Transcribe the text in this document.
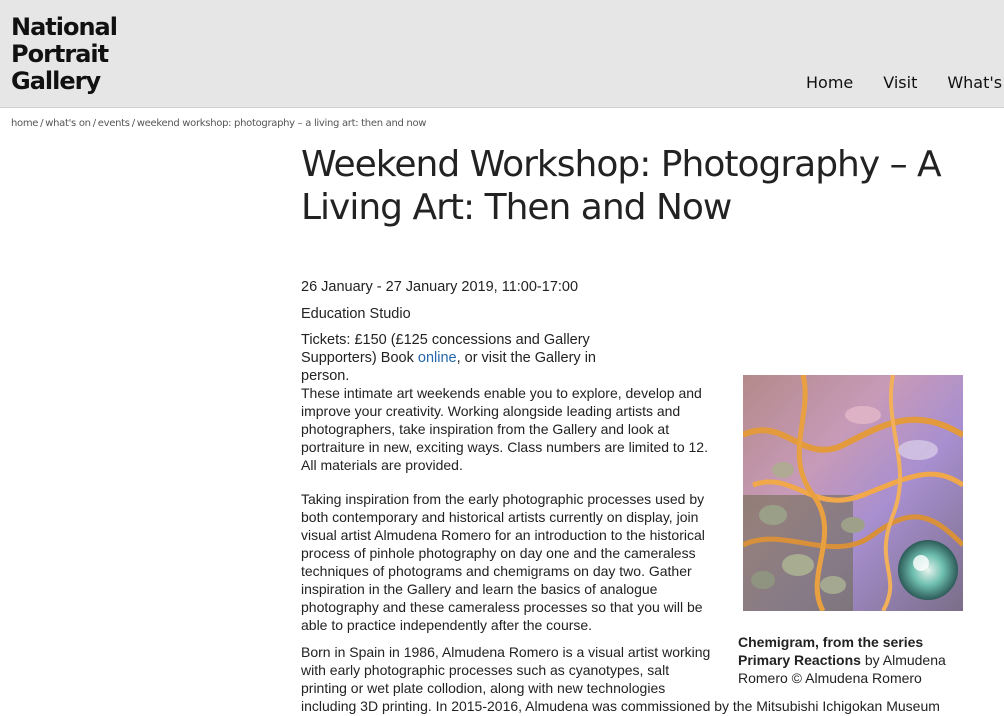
National
Portrait
Gallery	Home Visit What's
home / what's on / events / weekend workshop: photography – a living art: then and now
Weekend Workshop: Photography – A Living Art: Then and Now

26 January - 27 January 2019, 11:00-17:00

Education Studio

Tickets: £150 (£125 concessions and Gallery Supporters) Book online, or visit the Gallery in person.

These intimate art weekends enable you to explore, develop and improve your creativity. Working alongside leading artists and photographers, take inspiration from the Gallery and look at portraiture in new, exciting ways. Class numbers are limited to 12. All materials are provided.

Taking inspiration from the early photographic processes used by both contemporary and historical artists currently on display, join visual artist Almudena Romero for an introduction to the historical process of pinhole photography on day one and the cameraless techniques of photograms and chemigrams on day two. Gather inspiration in the Gallery and learn the basics of analogue photography and these cameraless processes so that you will be able to practice independently after the course.

Born in Spain in 1986, Almudena Romero is a visual artist working with early photographic processes such as cyanotypes, salt printing or wet plate collodion, along with new technologies

including 3D printing. In 2015-2016, Almudena was commissioned by the Mitsubishi Ichigokan Museum

Chemigram, from the series Primary Reactions by Almudena Romero © Almudena Romero
